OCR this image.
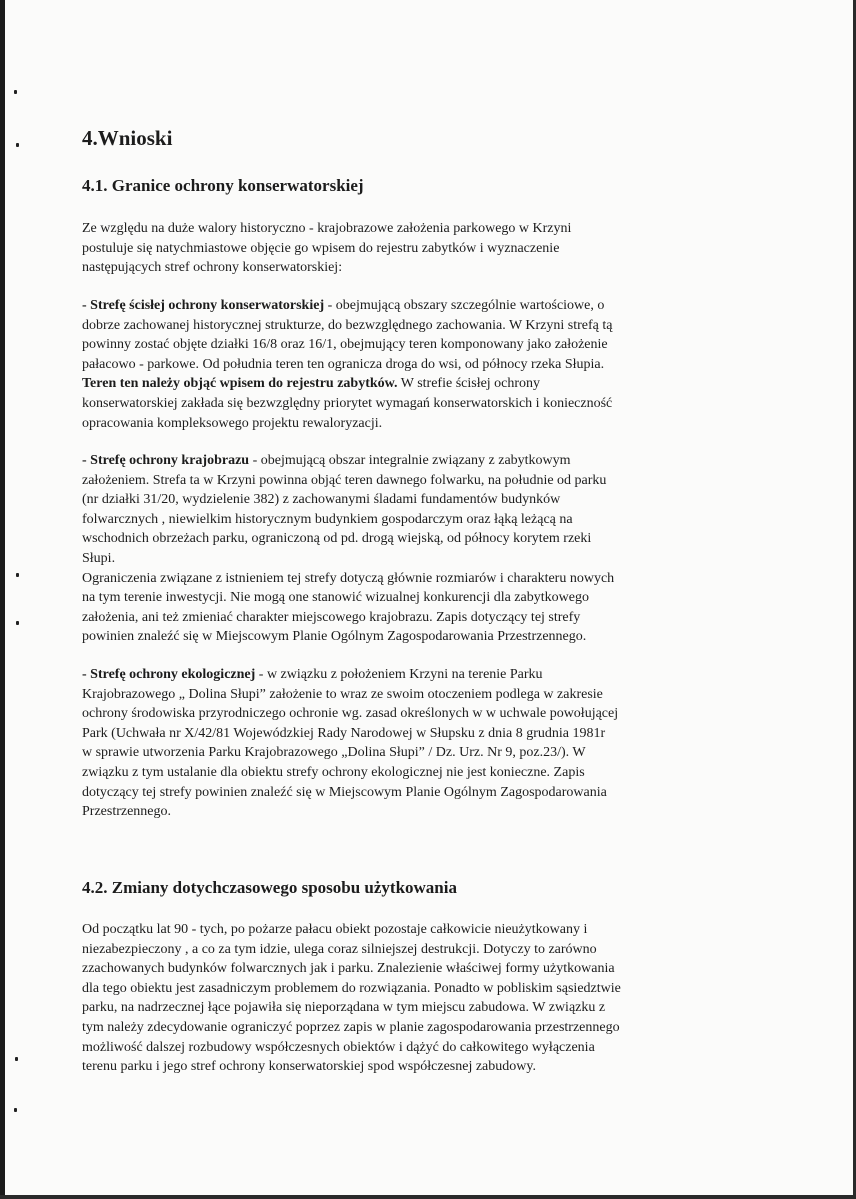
4.Wnioski
4.1. Granice ochrony konserwatorskiej
Ze względu na duże walory historyczno - krajobrazowe założenia parkowego w Krzyni
postuluje się natychmiastowe objęcie go wpisem do rejestru zabytków i wyznaczenie
następujących stref ochrony konserwatorskiej:
- Strefę ścisłej ochrony konserwatorskiej - obejmującą obszary szczególnie wartościowe, o
dobrze zachowanej historycznej strukturze, do bezwzględnego zachowania. W Krzyni strefą tą
powinny zostać objęte działki 16/8 oraz 16/1, obejmujący teren komponowany jako założenie
pałacowo - parkowe. Od południa teren ten ogranicza droga do wsi, od północy rzeka Słupia.
Teren ten należy objąć wpisem do rejestru zabytków. W strefie ścisłej ochrony
konserwatorskiej zakłada się bezwzględny priorytet wymagań konserwatorskich i konieczność
opracowania kompleksowego projektu rewaloryzacji.
- Strefę ochrony krajobrazu - obejmującą obszar integralnie związany z zabytkowym
założeniem. Strefa ta w Krzyni powinna objąć teren dawnego folwarku, na południe od parku
(nr działki 31/20, wydzielenie 382) z zachowanymi śladami fundamentów budynków
folwarcznych , niewielkim historycznym budynkiem gospodarczym oraz łąką leżącą na
wschodnich obrzeżach parku, ograniczoną od pd. drogą wiejską, od północy korytem rzeki
Słupi.
Ograniczenia związane z istnieniem tej strefy dotyczą głównie rozmiarów i charakteru nowych
na tym terenie inwestycji. Nie mogą one stanowić wizualnej konkurencji dla zabytkowego
założenia, ani też zmieniać charakter miejscowego krajobrazu. Zapis dotyczący tej strefy
powinien znaleźć się w Miejscowym Planie Ogólnym Zagospodarowania Przestrzennego.
- Strefę ochrony ekologicznej - w związku z położeniem Krzyni na terenie Parku
Krajobrazowego „ Dolina Słupi” założenie to wraz ze swoim otoczeniem podlega w zakresie
ochrony środowiska przyrodniczego ochronie wg. zasad określonych w w uchwale powołującej
Park (Uchwała nr X/42/81 Wojewódzkiej Rady Narodowej w Słupsku z dnia 8 grudnia 1981r
w sprawie utworzenia Parku Krajobrazowego „Dolina Słupi” / Dz. Urz. Nr 9, poz.23/). W
związku z tym ustalanie dla obiektu strefy ochrony ekologicznej nie jest konieczne. Zapis
dotyczący tej strefy powinien znaleźć się w Miejscowym Planie Ogólnym Zagospodarowania
Przestrzennego.
4.2. Zmiany dotychczasowego sposobu użytkowania
Od początku lat 90 - tych, po pożarze pałacu obiekt pozostaje całkowicie nieużytkowany i
niezabezpieczony , a co za tym idzie, ulega coraz silniejszej destrukcji. Dotyczy to zarówno
zzachowanych budynków folwarcznych jak i parku. Znalezienie właściwej formy użytkowania
dla tego obiektu jest zasadniczym problemem do rozwiązania. Ponadto w pobliskim sąsiedztwie
parku, na nadrzecznej łące pojawiła się nieporządana w tym miejscu zabudowa. W związku z
tym należy zdecydowanie ograniczyć poprzez zapis w planie zagospodarowania przestrzennego
możliwość dalszej rozbudowy współczesnych obiektów i dążyć do całkowitego wyłączenia
terenu parku i jego stref ochrony konserwatorskiej spod współczesnej zabudowy.
